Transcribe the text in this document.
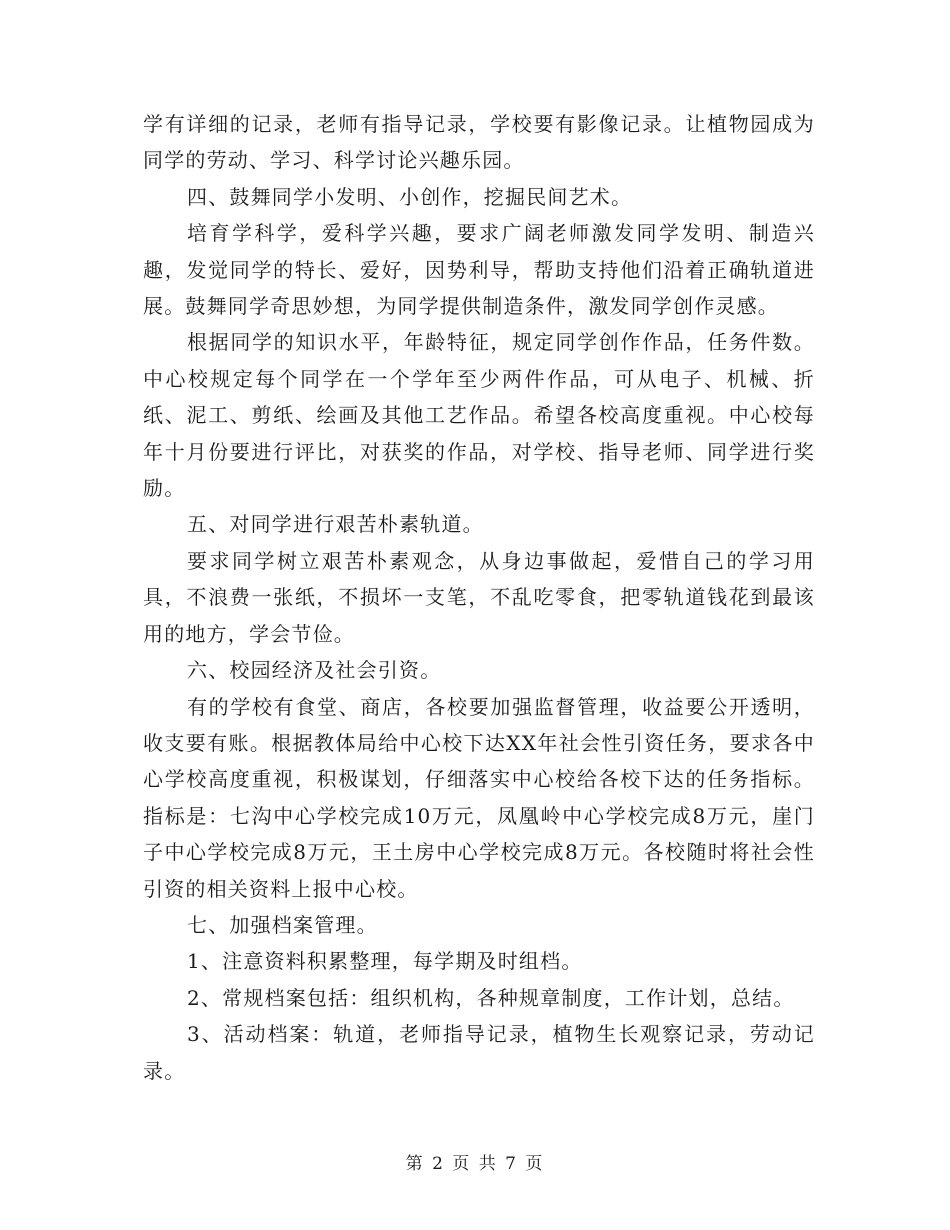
学有详细的记录，老师有指导记录，学校要有影像记录。让植物园成为同学的劳动、学习、科学讨论兴趣乐园。

四、鼓舞同学小发明、小创作，挖掘民间艺术。

培育学科学，爱科学兴趣，要求广阔老师激发同学发明、制造兴趣，发觉同学的特长、爱好，因势利导，帮助支持他们沿着正确轨道进展。鼓舞同学奇思妙想，为同学提供制造条件，激发同学创作灵感。

根据同学的知识水平，年龄特征，规定同学创作作品，任务件数。中心校规定每个同学在一个学年至少两件作品，可从电子、机械、折纸、泥工、剪纸、绘画及其他工艺作品。希望各校高度重视。中心校每年十月份要进行评比，对获奖的作品，对学校、指导老师、同学进行奖励。

五、对同学进行艰苦朴素轨道。

要求同学树立艰苦朴素观念，从身边事做起，爱惜自己的学习用具，不浪费一张纸，不损坏一支笔，不乱吃零食，把零轨道钱花到最该用的地方，学会节俭。

六、校园经济及社会引资。

有的学校有食堂、商店，各校要加强监督管理，收益要公开透明，收支要有账。根据教体局给中心校下达XX年社会性引资任务，要求各中心学校高度重视，积极谋划，仔细落实中心校给各校下达的任务指标。指标是：七沟中心学校完成10万元，凤凰岭中心学校完成8万元，崖门子中心学校完成8万元，王土房中心学校完成8万元。各校随时将社会性引资的相关资料上报中心校。

七、加强档案管理。

1、注意资料积累整理，每学期及时组档。

2、常规档案包括：组织机构，各种规章制度，工作计划，总结。

3、活动档案：轨道，老师指导记录，植物生长观察记录，劳动记录。

第 2 页 共 7 页
